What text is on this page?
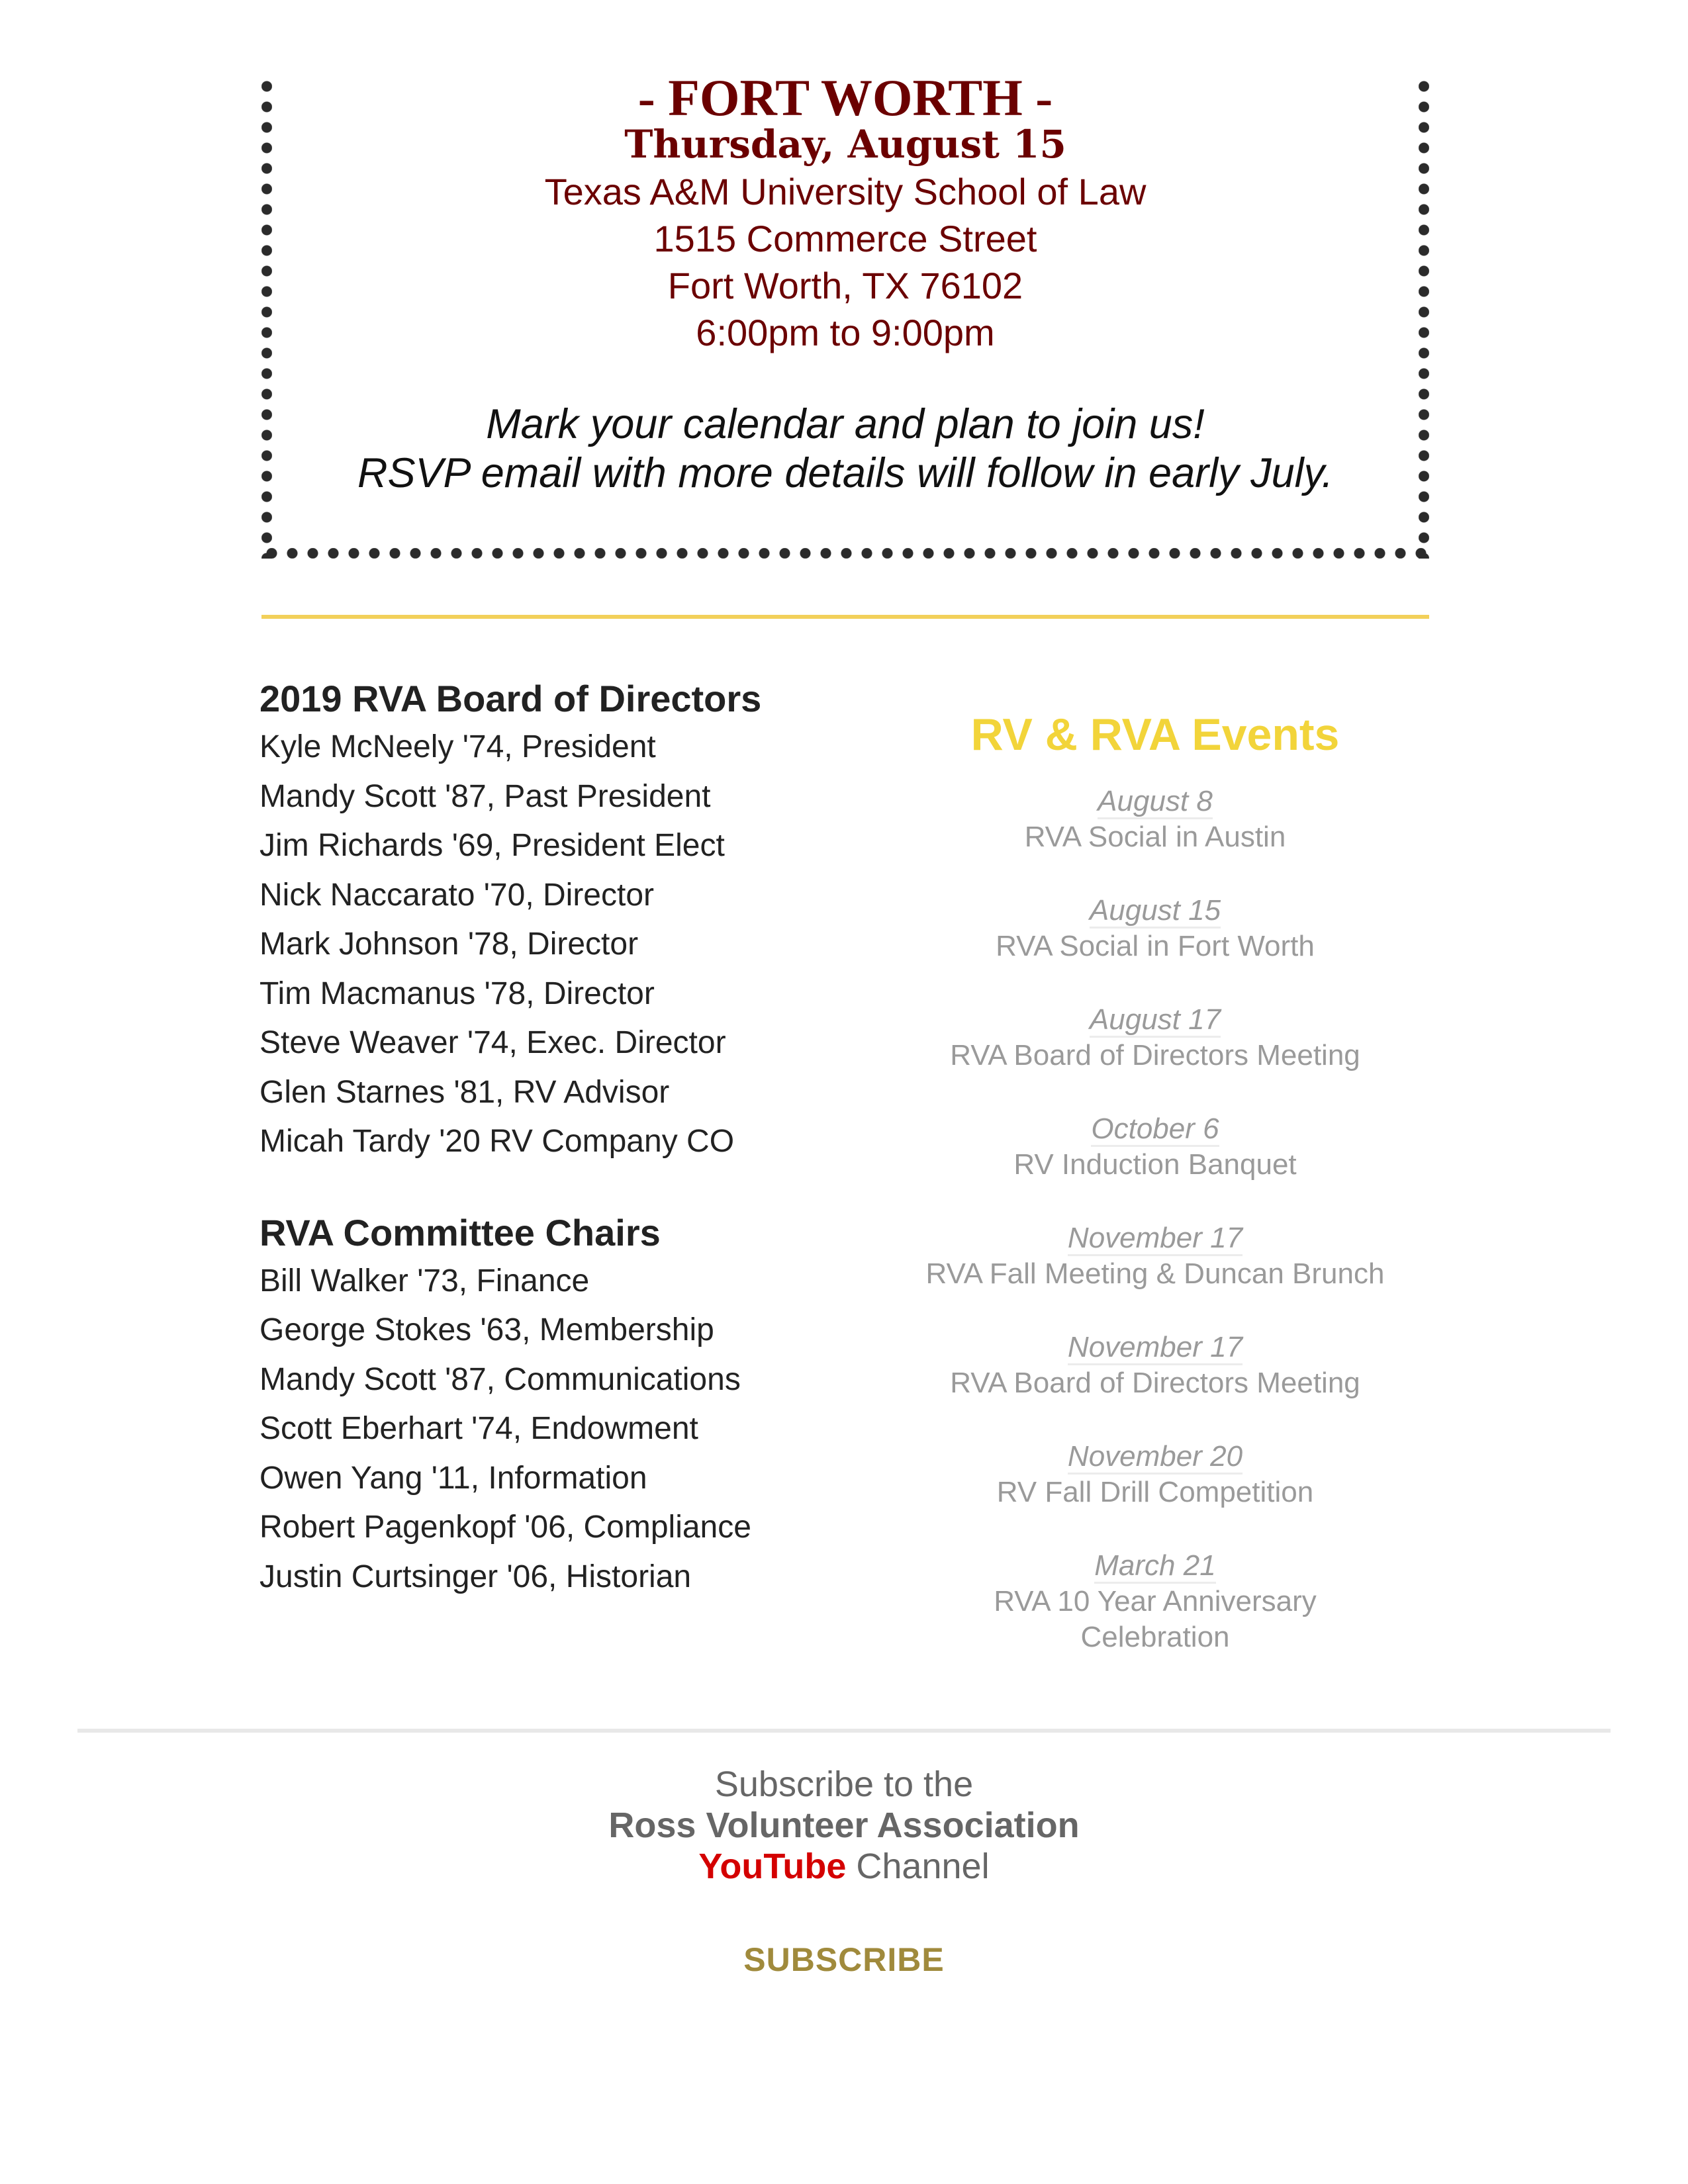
- FORT WORTH -
Thursday, August 15
Texas A&M University School of Law
1515 Commerce Street
Fort Worth, TX 76102
6:00pm to 9:00pm
Mark your calendar and plan to join us!
RSVP email with more details will follow in early July.
2019 RVA Board of Directors
Kyle McNeely '74, President
Mandy Scott '87, Past President
Jim Richards '69, President Elect
Nick Naccarato '70, Director
Mark Johnson '78, Director
Tim Macmanus '78, Director
Steve Weaver '74, Exec. Director
Glen Starnes '81, RV Advisor
Micah Tardy '20 RV Company CO
RVA Committee Chairs
Bill Walker '73, Finance
George Stokes '63, Membership
Mandy Scott '87, Communications
Scott Eberhart '74, Endowment
Owen Yang '11, Information
Robert Pagenkopf '06, Compliance
Justin Curtsinger '06, Historian
RV & RVA Events
August 8
RVA Social in Austin
August 15
RVA Social in Fort Worth
August 17
RVA Board of Directors Meeting
October 6
RV Induction Banquet
November 17
RVA Fall Meeting & Duncan Brunch
November 17
RVA Board of Directors Meeting
November 20
RV Fall Drill Competition
March 21
RVA 10 Year Anniversary Celebration
Subscribe to the
Ross Volunteer Association
YouTube Channel
SUBSCRIBE
